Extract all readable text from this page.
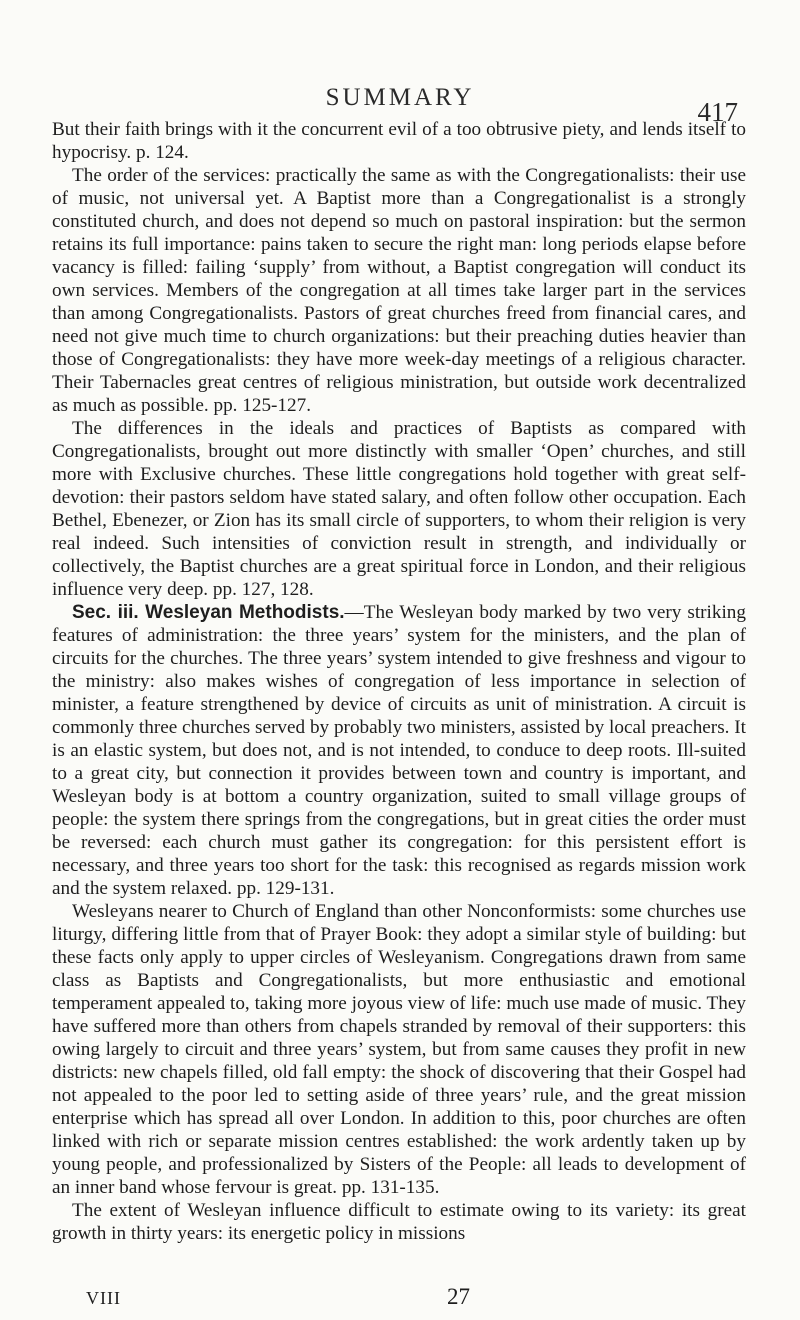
SUMMARY	417

But their faith brings with it the concurrent evil of a too obtrusive piety, and lends itself to hypocrisy. p. 124.

The order of the services: practically the same as with the Congregationalists: their use of music, not universal yet. A Baptist more than a Congregationalist is a strongly constituted church, and does not depend so much on pastoral inspiration: but the sermon retains its full importance: pains taken to secure the right man: long periods elapse before vacancy is filled: failing ‘supply’ from without, a Baptist congregation will conduct its own services. Members of the congregation at all times take larger part in the services than among Congregationalists. Pastors of great churches freed from financial cares, and need not give much time to church organizations: but their preaching duties heavier than those of Congregationalists: they have more week-day meetings of a religious character. Their Tabernacles great centres of religious ministration, but outside work decentralized as much as possible. pp. 125-127.

The differences in the ideals and practices of Baptists as compared with Congregationalists, brought out more distinctly with smaller ‘Open’ churches, and still more with Exclusive churches. These little congregations hold together with great self-devotion: their pastors seldom have stated salary, and often follow other occupation. Each Bethel, Ebenezer, or Zion has its small circle of supporters, to whom their religion is very real indeed. Such intensities of conviction result in strength, and individually or collectively, the Baptist churches are a great spiritual force in London, and their religious influence very deep. pp. 127, 128.

Sec. iii. Wesleyan Methodists.—The Wesleyan body marked by two very striking features of administration: the three years’ system for the ministers, and the plan of circuits for the churches. The three years’ system intended to give freshness and vigour to the ministry: also makes wishes of congregation of less importance in selection of minister, a feature strengthened by device of circuits as unit of ministration. A circuit is commonly three churches served by probably two ministers, assisted by local preachers. It is an elastic system, but does not, and is not intended, to conduce to deep roots. Ill-suited to a great city, but connection it provides between town and country is important, and Wesleyan body is at bottom a country organization, suited to small village groups of people: the system there springs from the congregations, but in great cities the order must be reversed: each church must gather its congregation: for this persistent effort is necessary, and three years too short for the task: this recognised as regards mission work and the system relaxed. pp. 129-131.

Wesleyans nearer to Church of England than other Nonconformists: some churches use liturgy, differing little from that of Prayer Book: they adopt a similar style of building: but these facts only apply to upper circles of Wesleyanism. Congregations drawn from same class as Baptists and Congregationalists, but more enthusiastic and emotional temperament appealed to, taking more joyous view of life: much use made of music. They have suffered more than others from chapels stranded by removal of their supporters: this owing largely to circuit and three years’ system, but from same causes they profit in new districts: new chapels filled, old fall empty: the shock of discovering that their Gospel had not appealed to the poor led to setting aside of three years’ rule, and the great mission enterprise which has spread all over London. In addition to this, poor churches are often linked with rich or separate mission centres established: the work ardently taken up by young people, and professionalized by Sisters of the People: all leads to development of an inner band whose fervour is great. pp. 131-135.

The extent of Wesleyan influence difficult to estimate owing to its variety: its great growth in thirty years: its energetic policy in missions

VIII	27
